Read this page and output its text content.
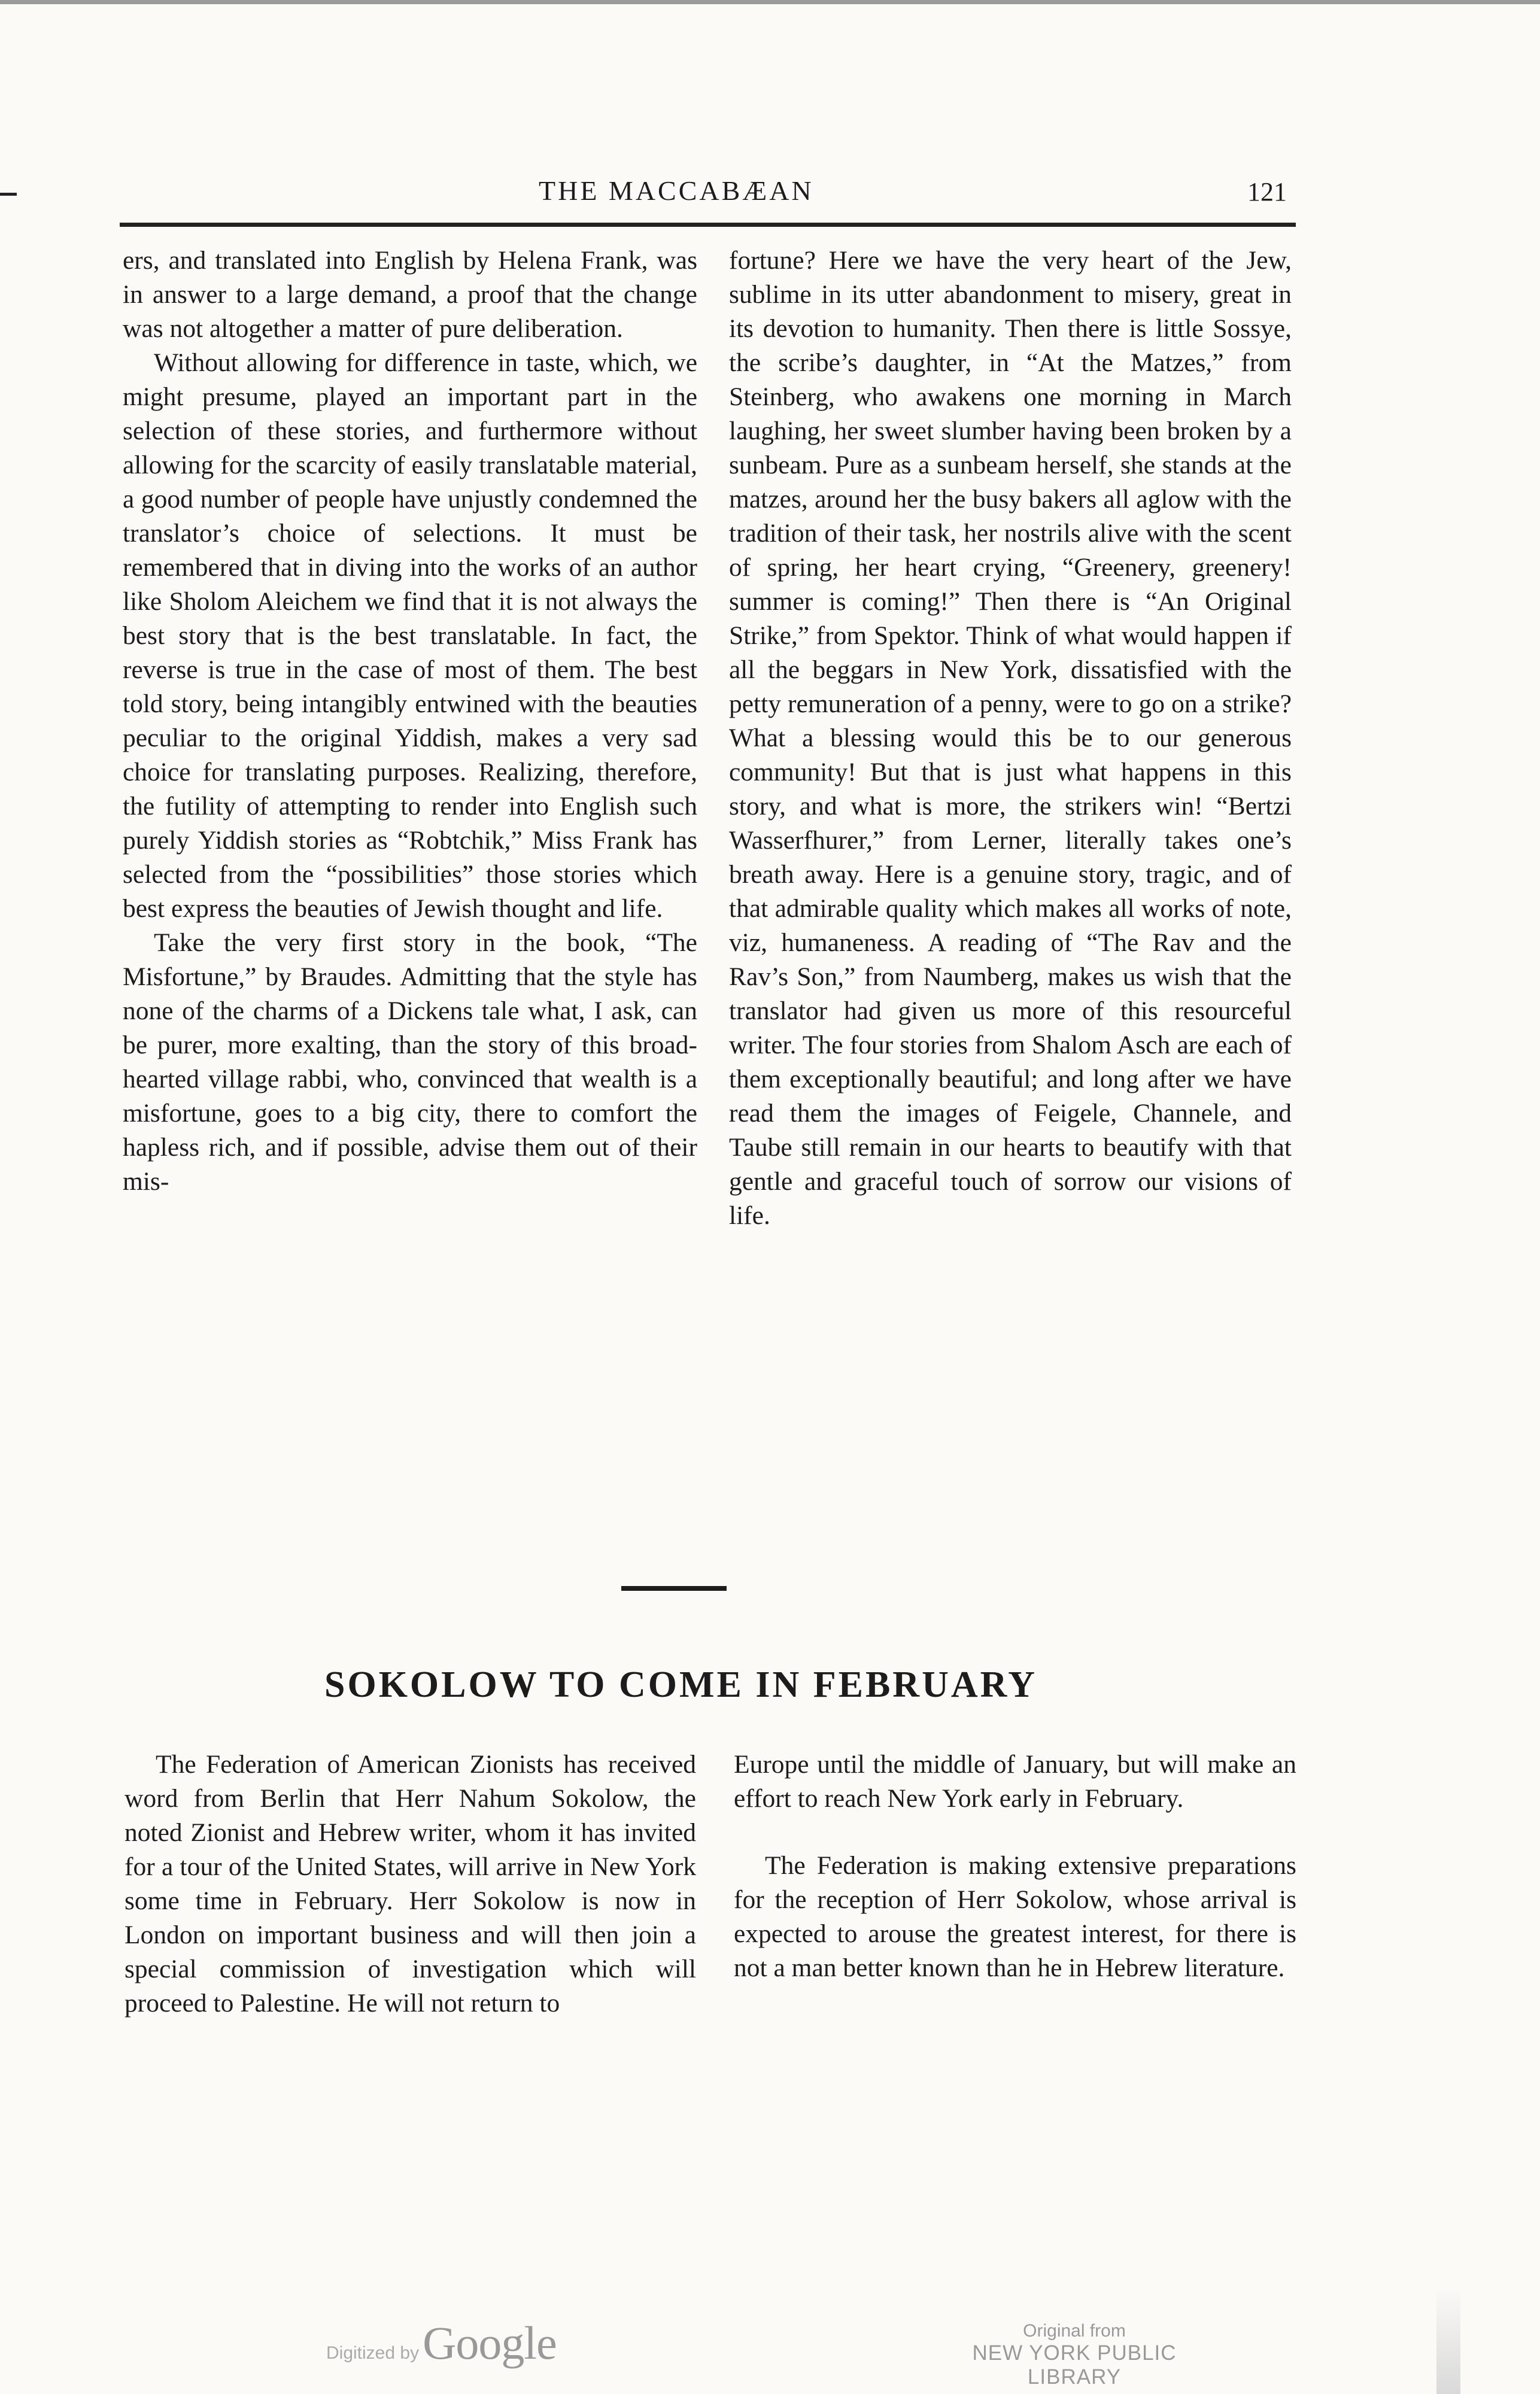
THE MACCABÆAN	121

ers, and translated into English by Helena Frank, was in answer to a large demand, a proof that the change was not altogether a matter of pure deliberation.

Without allowing for difference in taste, which, we might presume, played an important part in the selection of these stories, and furthermore without allowing for the scarcity of easily translatable material, a good number of people have unjustly condemned the translator’s choice of selections. It must be remembered that in diving into the works of an author like Sholom Aleichem we find that it is not always the best story that is the best translatable. In fact, the reverse is true in the case of most of them. The best told story, being intangibly entwined with the beauties peculiar to the original Yiddish, makes a very sad choice for translating purposes. Realizing, therefore, the futility of attempting to render into English such purely Yiddish stories as “Robtchik,” Miss Frank has selected from the “possibilities” those stories which best express the beauties of Jewish thought and life.

Take the very first story in the book, “The Misfortune,” by Braudes. Admitting that the style has none of the charms of a Dickens tale what, I ask, can be purer, more exalting, than the story of this broad-hearted village rabbi, who, convinced that wealth is a misfortune, goes to a big city, there to comfort the hapless rich, and if possible, advise them out of their mis-

fortune? Here we have the very heart of the Jew, sublime in its utter abandonment to misery, great in its devotion to humanity. Then there is little Sossye, the scribe’s daughter, in “At the Matzes,” from Steinberg, who awakens one morning in March laughing, her sweet slumber having been broken by a sunbeam. Pure as a sunbeam herself, she stands at the matzes, around her the busy bakers all aglow with the tradition of their task, her nostrils alive with the scent of spring, her heart crying, “Greenery, greenery! summer is coming!” Then there is “An Original Strike,” from Spektor. Think of what would happen if all the beggars in New York, dissatisfied with the petty remuneration of a penny, were to go on a strike? What a blessing would this be to our generous community! But that is just what happens in this story, and what is more, the strikers win! “Bertzi Wasserfhurer,” from Lerner, literally takes one’s breath away. Here is a genuine story, tragic, and of that admirable quality which makes all works of note, viz, humaneness. A reading of “The Rav and the Rav’s Son,” from Naumberg, makes us wish that the translator had given us more of this resourceful writer. The four stories from Shalom Asch are each of them exceptionally beautiful; and long after we have read them the images of Feigele, Channele, and Taube still remain in our hearts to beautify with that gentle and graceful touch of sorrow our visions of life.

SOKOLOW TO COME IN FEBRUARY

The Federation of American Zionists has received word from Berlin that Herr Nahum Sokolow, the noted Zionist and Hebrew writer, whom it has invited for a tour of the United States, will arrive in New York some time in February. Herr Sokolow is now in London on important business and will then join a special commission of investigation which will proceed to Palestine. He will not return to

Europe until the middle of January, but will make an effort to reach New York early in February.

The Federation is making extensive preparations for the reception of Herr Sokolow, whose arrival is expected to arouse the greatest interest, for there is not a man better known than he in Hebrew literature.

Digitized by Google	Original from
NEW YORK PUBLIC LIBRARY
